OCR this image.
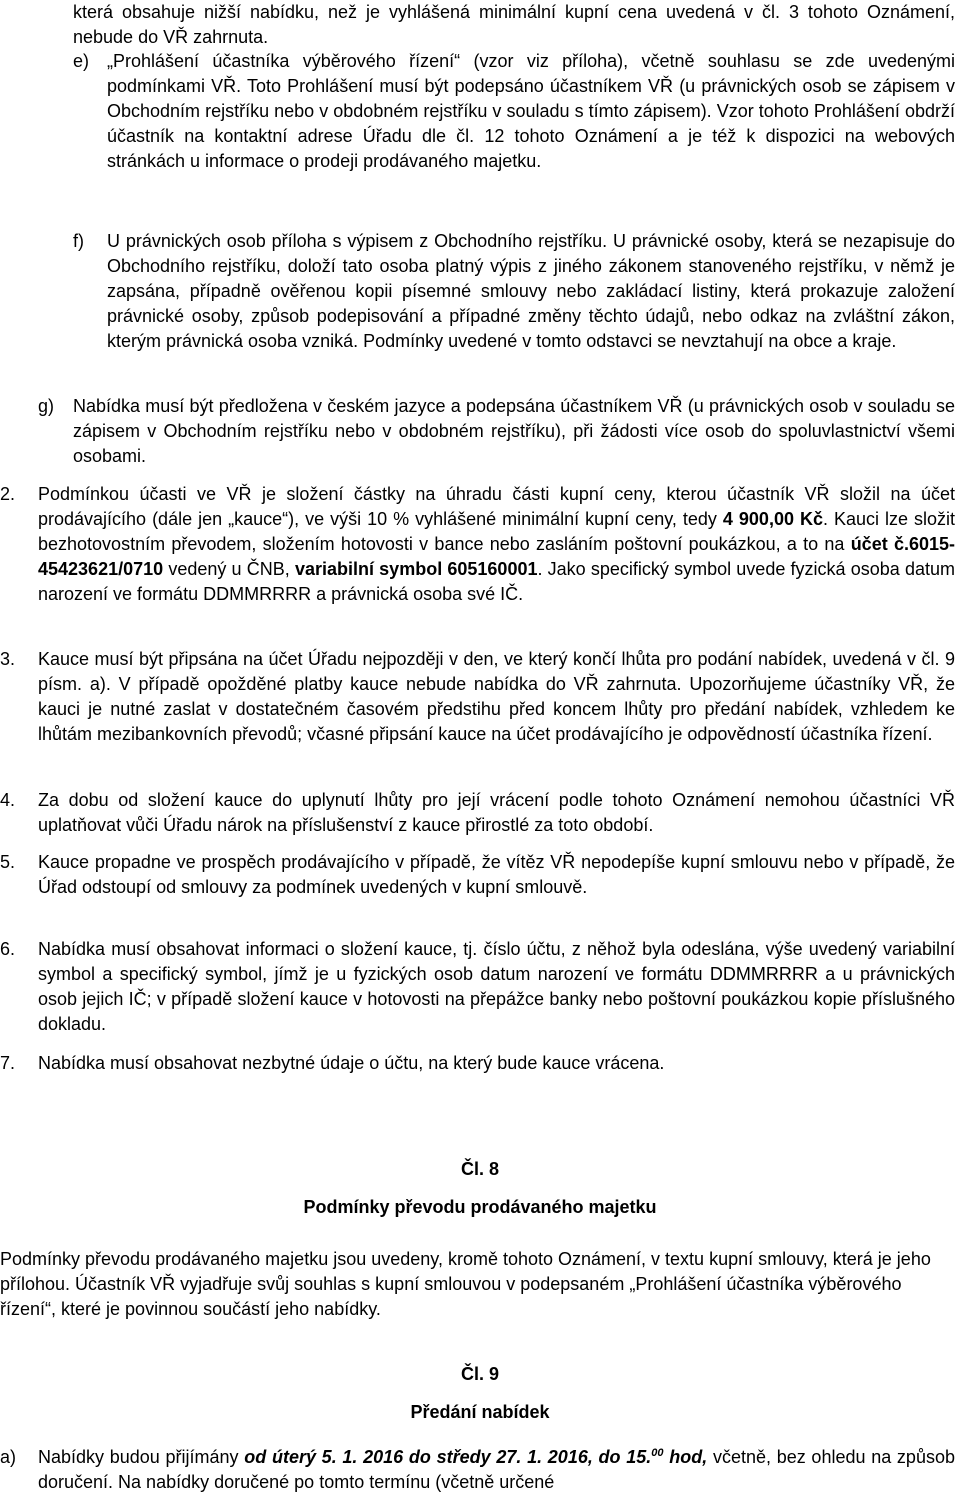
která obsahuje nižší nabídku, než je vyhlášená minimální kupní cena uvedená v čl. 3 tohoto Oznámení, nebude do VŘ zahrnuta.
e) „Prohlášení účastníka výběrového řízení“ (vzor viz příloha), včetně souhlasu se zde uvedenými podmínkami VŘ. Toto Prohlášení musí být podepsáno účastníkem VŘ (u právnických osob se zápisem v Obchodním rejstříku nebo v obdobném rejstříku v souladu s tímto zápisem). Vzor tohoto Prohlášení obdrží účastník na kontaktní adrese Úřadu dle čl. 12 tohoto Oznámení a je též k dispozici na webových stránkách u informace o prodeji prodávaného majetku.
f) U právnických osob příloha s výpisem z Obchodního rejstříku. U právnické osoby, která se nezapisuje do Obchodního rejstříku, doloží tato osoba platný výpis z jiného zákonem stanoveného rejstříku, v němž je zapsána, případně ověřenou kopii písemné smlouvy nebo zakládací listiny, která prokazuje založení právnické osoby, způsob podepisování a případné změny těchto údajů, nebo odkaz na zvláštní zákon, kterým právnická osoba vzniká. Podmínky uvedené v tomto odstavci se nevztahují na obce a kraje.
g) Nabídka musí být předložena v českém jazyce a podepsána účastníkem VŘ (u právnických osob v souladu se zápisem v Obchodním rejstříku nebo v obdobném rejstříku), při žádosti více osob do spoluvlastnictví všemi osobami.
2. Podmínkou účasti ve VŘ je složení částky na úhradu části kupní ceny, kterou účastník VŘ složil na účet prodávajícího (dále jen „kauce“), ve výši 10 % vyhlášené minimální kupní ceny, tedy 4 900,00 Kč. Kauci lze složit bezhotovostním převodem, složením hotovosti v bance nebo zasláním poštovní poukázkou, a to na účet č.6015-45423621/0710 vedený u ČNB, variabilní symbol 605160001. Jako specifický symbol uvede fyzická osoba datum narození ve formátu DDMMRRRR a právnická osoba své IČ.
3. Kauce musí být připsána na účet Úřadu nejpozději v den, ve který končí lhůta pro podání nabídek, uvedená v čl. 9 písm. a). V případě opožděné platby kauce nebude nabídka do VŘ zahrnuta. Upozorňujeme účastníky VŘ, že kauci je nutné zaslat v dostatečném časovém předstihu před koncem lhůty pro předání nabídek, vzhledem ke lhůtám mezibankovních převodů; včasné připsání kauce na účet prodávajícího je odpovědností účastníka řízení.
4. Za dobu od složení kauce do uplynutí lhůty pro její vrácení podle tohoto Oznámení nemohou účastníci VŘ uplatňovat vůči Úřadu nárok na příslušenství z kauce přirostlé za toto období.
5. Kauce propadne ve prospěch prodávajícího v případě, že vítěz VŘ nepodepíše kupní smlouvu nebo v případě, že Úřad odstoupí od smlouvy za podmínek uvedených v kupní smlouvě.
6. Nabídka musí obsahovat informaci o složení kauce, tj. číslo účtu, z něhož byla odeslána, výše uvedený variabilní symbol a specifický symbol, jímž je u fyzických osob datum narození ve formátu DDMMRRRR a u právnických osob jejich IČ; v případě složení kauce v hotovosti na přepážce banky nebo poštovní poukázkou kopie příslušného dokladu.
7. Nabídka musí obsahovat nezbytné údaje o účtu, na který bude kauce vrácena.
Čl. 8
Podmínky převodu prodávaného majetku
Podmínky převodu prodávaného majetku jsou uvedeny, kromě tohoto Oznámení, v textu kupní smlouvy, která je jeho přílohou. Účastník VŘ vyjadřuje svůj souhlas s kupní smlouvou v podepsaném „Prohlášení účastníka výběrového řízení“, které je povinnou součástí jeho nabídky.
Čl. 9
Předání nabídek
a) Nabídky budou přijímány od úterý 5. 1. 2016 do středy 27. 1. 2016, do 15.00 hod, včetně, bez ohledu na způsob doručení. Na nabídky doručené po tomto termínu (včetně určené
